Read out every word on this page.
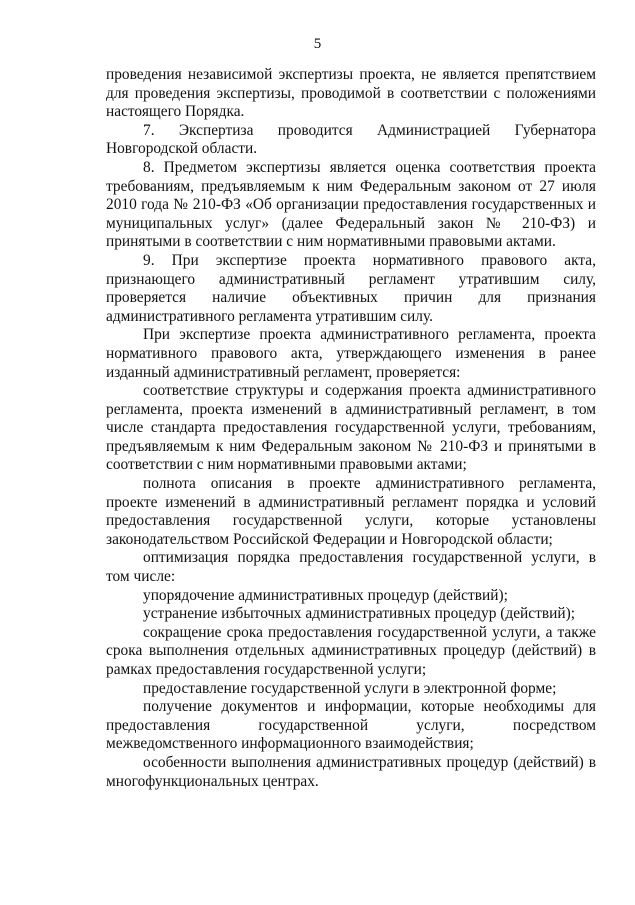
5

проведения независимой экспертизы проекта, не является препятствием для проведения экспертизы, проводимой в соответствии с положениями настоящего Порядка.

7. Экспертиза проводится Администрацией Губернатора Новгородской области.

8. Предметом экспертизы является оценка соответствия проекта требованиям, предъявляемым к ним Федеральным законом от 27 июля 2010 года № 210-ФЗ «Об организации предоставления государственных и муниципальных услуг» (далее Федеральный закон № 210-ФЗ) и принятыми в соответствии с ним нормативными правовыми актами.

9. При экспертизе проекта нормативного правового акта, признающего административный регламент утратившим силу, проверяется наличие объективных причин для признания административного регламента утратившим силу.

При экспертизе проекта административного регламента, проекта нормативного правового акта, утверждающего изменения в ранее изданный административный регламент, проверяется:

соответствие структуры и содержания проекта административного регламента, проекта изменений в административный регламент, в том числе стандарта предоставления государственной услуги, требованиям, предъявляемым к ним Федеральным законом № 210-ФЗ и принятыми в соответствии с ним нормативными правовыми актами;

полнота описания в проекте административного регламента, проекте изменений в административный регламент порядка и условий предоставления государственной услуги, которые установлены законодательством Российской Федерации и Новгородской области;

оптимизация порядка предоставления государственной услуги, в том числе:

упорядочение административных процедур (действий);

устранение избыточных административных процедур (действий);

сокращение срока предоставления государственной услуги, а также срока выполнения отдельных административных процедур (действий) в рамках предоставления государственной услуги;

предоставление государственной услуги в электронной форме;

получение документов и информации, которые необходимы для предоставления государственной услуги, посредством межведомственного информационного взаимодействия;

особенности выполнения административных процедур (действий) в многофункциональных центрах.
